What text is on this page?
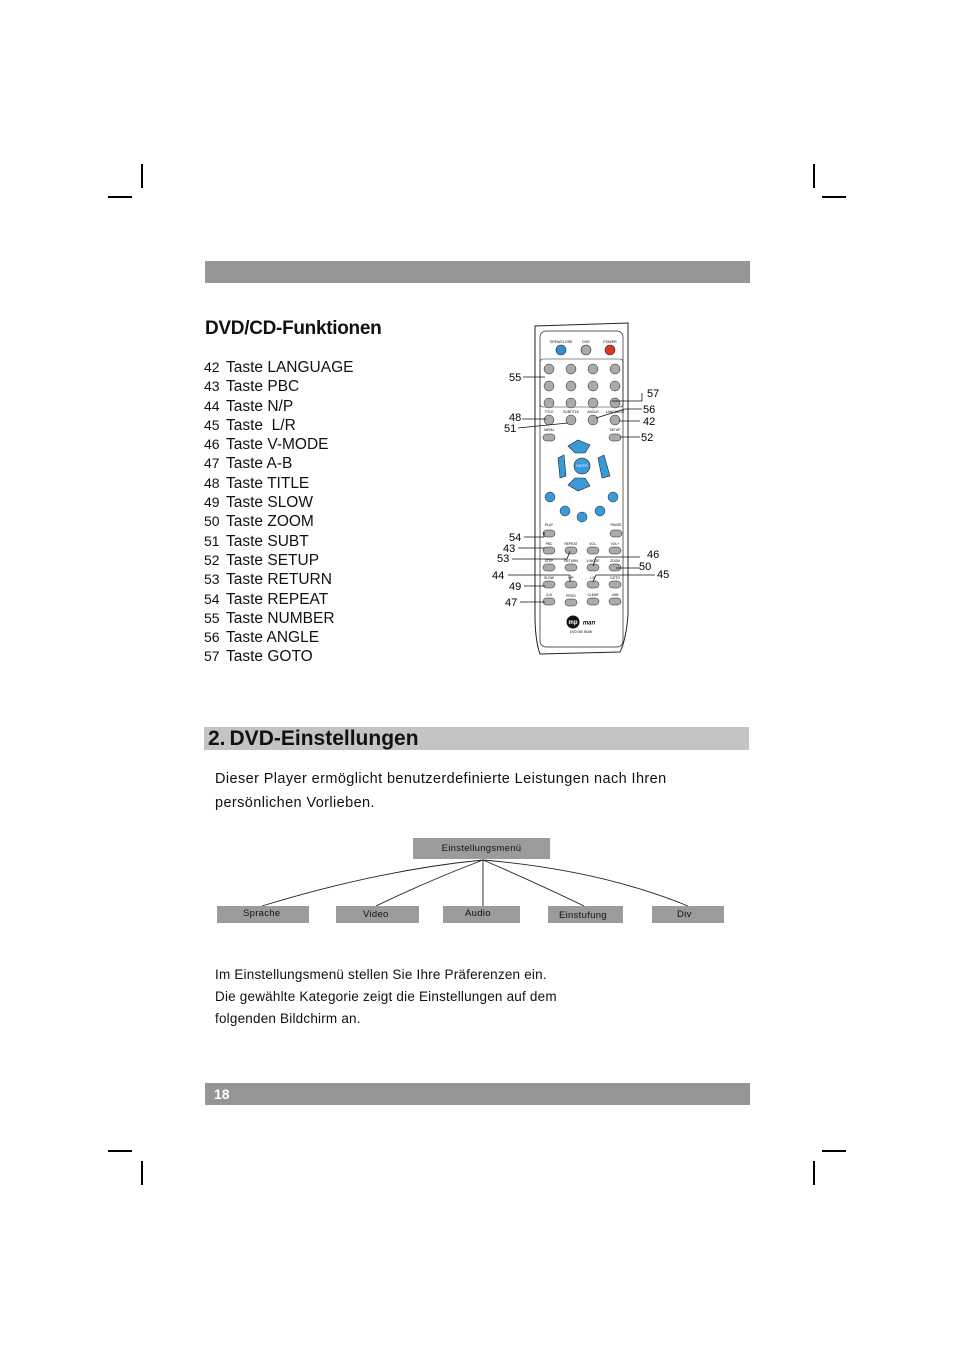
DVD/CD-Funktionen
42 Taste LANGUAGE
43 Taste PBC
44 Taste N/P
45 Taste  L/R
46 Taste V-MODE
47 Taste A-B
48 Taste TITLE
49 Taste SLOW
50 Taste ZOOM
51 Taste SUBT
52 Taste SETUP
53 Taste RETURN
54 Taste REPEAT
55 Taste NUMBER
56 Taste ANGLE
57 Taste GOTO
OPEN/CLOSE	DVD	POWER
TITLE	SUBTITLE	ANGLE LANGUAGE
MENU	SETUP
ENTER
PLAY	PAUSE
PBC	REPEAT	VOL-	VOL+
STEP	RETURN	V-MODE	ZOOM
SLOW	N/P	L/R	GOTO
A-B	PROG	CLEAR	USB
mp man
DVD 000 HDMI
55
57
56
48	42
51
52
54
43	46
53
50
44	45
49
47
2. DVD-Einstellungen
Dieser Player ermöglicht benutzerdefinierte Leistungen nach Ihren
persönlichen Vorlieben.
Einstellungsmenü
Sprache	Video	Audio	Einstufung	Div
Im Einstellungsmenü stellen Sie Ihre Präferenzen ein.
Die gewählte Kategorie zeigt die Einstellungen auf dem
folgenden Bildchirm an.
18
